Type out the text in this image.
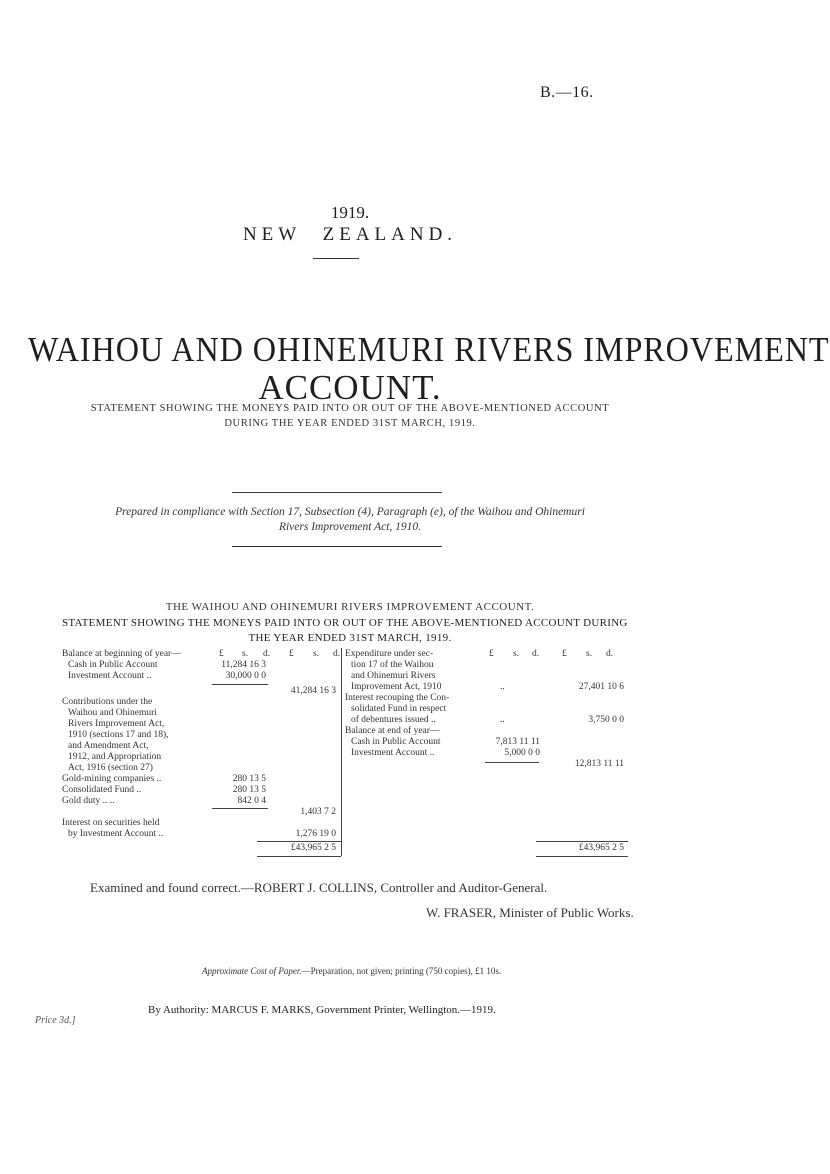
B.—16.
1919.
NEW ZEALAND.
WAIHOU AND OHINEMURI RIVERS IMPROVEMENT
ACCOUNT.
STATEMENT SHOWING THE MONEYS PAID INTO OR OUT OF THE ABOVE-MENTIONED ACCOUNT
DURING THE YEAR ENDED 31ST MARCH, 1919.
Prepared in compliance with Section 17, Subsection (4), Paragraph (e), of the Waihou and Ohinemuri
Rivers Improvement Act, 1910.
THE WAIHOU AND OHINEMURI RIVERS IMPROVEMENT ACCOUNT.
STATEMENT SHOWING THE MONEYS PAID INTO OR OUT OF THE ABOVE-MENTIONED ACCOUNT DURING
THE YEAR ENDED 31ST MARCH, 1919.
£ s. d. £ s. d.
Balance at beginning of year—
Cash in Public Account	11,284 16 3
Investment Account ..	30,000 0 0
41,284 16 3
Contributions under the
Waihou and Ohinemuri
Rivers Improvement Act,
1910 (sections 17 and 18),
and Amendment Act,
1912, and Appropriation
Act, 1916 (section 27)
Gold-mining companies ..	280 13 5
Consolidated Fund ..	280 13 5
Gold duty .. ..	842 0 4
1,403 7 2
Interest on securities held
by Investment Account ..	1,276 19 0
£43,965 2 5
£ s. d. £ s. d.
Expenditure under sec-
tion 17 of the Waihou
and Ohinemuri Rivers
Improvement Act, 1910	..	27,401 10 6
Interest recouping the Con-
solidated Fund in respect
of debentures issued ..	..	3,750 0 0
Balance at end of year—
Cash in Public Account	7,813 11 11
Investment Account ..	5,000 0 0
12,813 11 11
£43,965 2 5
Examined and found correct.—ROBERT J. COLLINS, Controller and Auditor-General.
W. FRASER, Minister of Public Works.
Approximate Cost of Paper.—Preparation, not given; printing (750 copies), £1 10s.
By Authority: MARCUS F. MARKS, Government Printer, Wellington.—1919.
Price 3d.]
